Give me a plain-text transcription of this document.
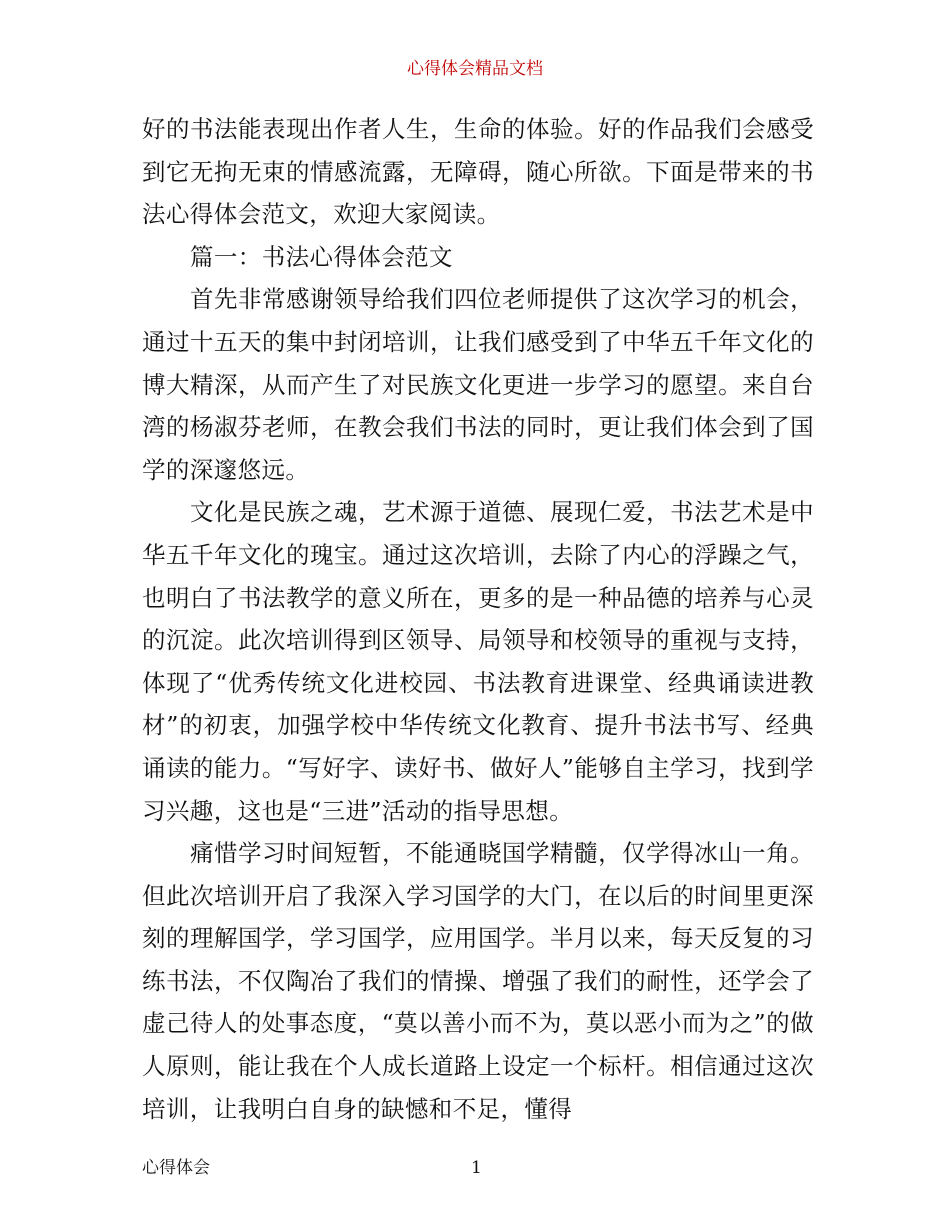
心得体会精品文档

好的书法能表现出作者人生，生命的体验。好的作品我们会感受到它无拘无束的情感流露，无障碍，随心所欲。下面是带来的书法心得体会范文，欢迎大家阅读。

篇一：书法心得体会范文

首先非常感谢领导给我们四位老师提供了这次学习的机会，通过十五天的集中封闭培训，让我们感受到了中华五千年文化的博大精深，从而产生了对民族文化更进一步学习的愿望。来自台湾的杨淑芬老师，在教会我们书法的同时，更让我们体会到了国学的深邃悠远。

文化是民族之魂，艺术源于道德、展现仁爱，书法艺术是中华五千年文化的瑰宝。通过这次培训，去除了内心的浮躁之气，也明白了书法教学的意义所在，更多的是一种品德的培养与心灵的沉淀。此次培训得到区领导、局领导和校领导的重视与支持，体现了“优秀传统文化进校园、书法教育进课堂、经典诵读进教材”的初衷，加强学校中华传统文化教育、提升书法书写、经典诵读的能力。“写好字、读好书、做好人”能够自主学习，找到学习兴趣，这也是“三进”活动的指导思想。

痛惜学习时间短暂，不能通晓国学精髓，仅学得冰山一角。但此次培训开启了我深入学习国学的大门，在以后的时间里更深刻的理解国学，学习国学，应用国学。半月以来，每天反复的习练书法，不仅陶冶了我们的情操、增强了我们的耐性，还学会了虚己待人的处事态度，“莫以善小而不为，莫以恶小而为之”的做人原则，能让我在个人成长道路上设定一个标杆。相信通过这次培训，让我明白自身的缺憾和不足，懂得

心得体会	1
